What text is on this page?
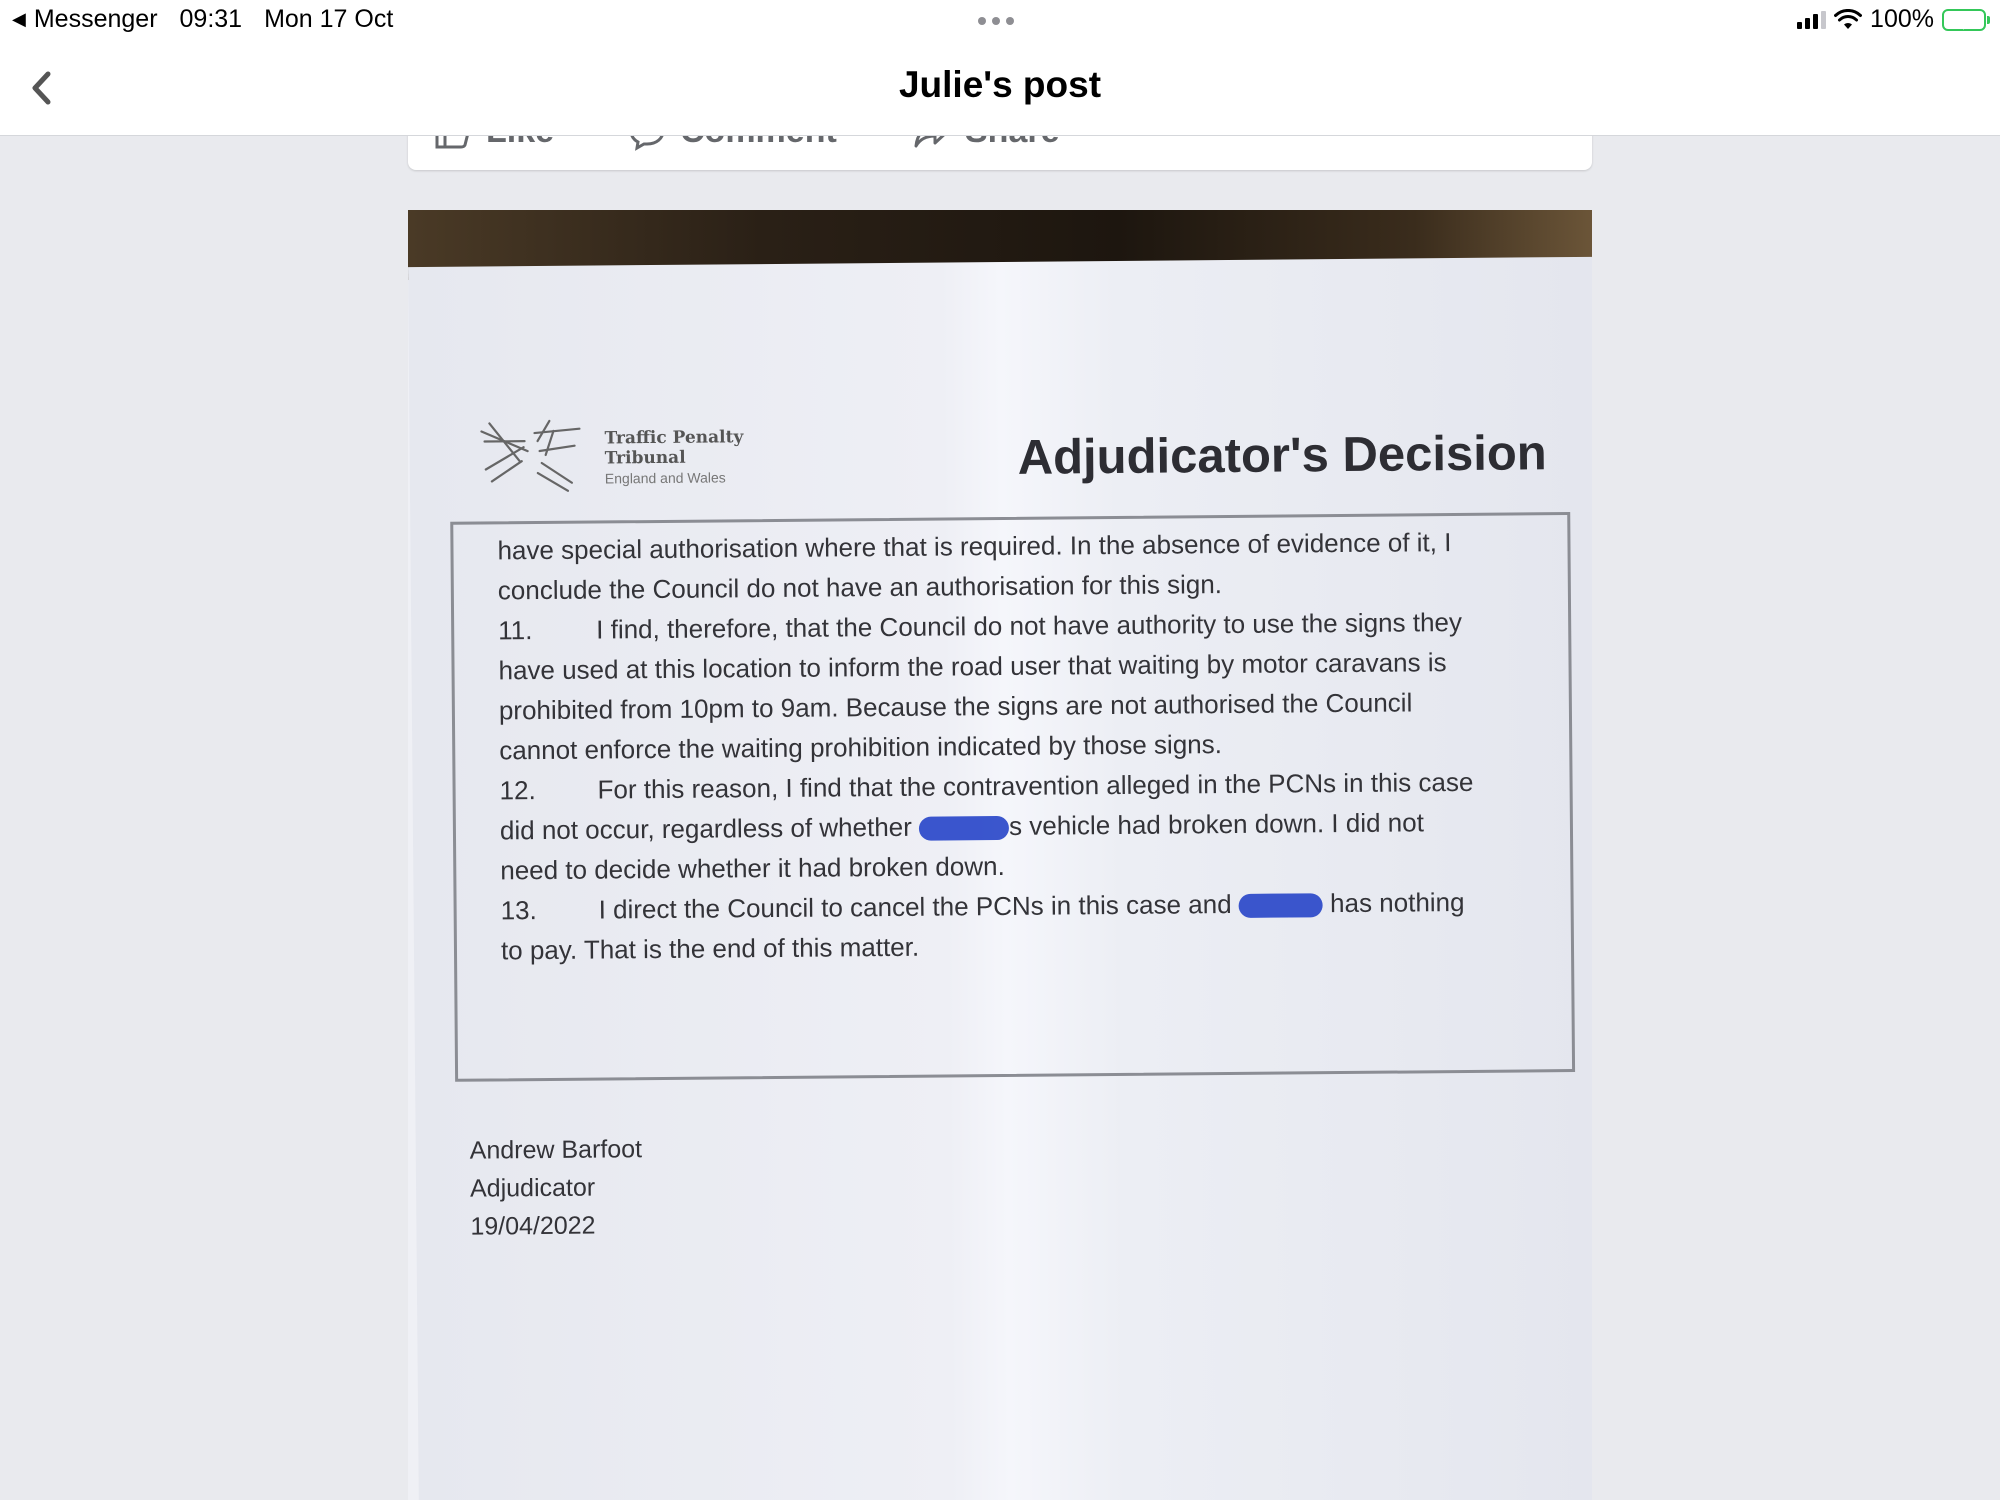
◀ Messenger 09:31 Mon 17 Oct	100%
Julie's post
Traffic Penalty
Tribunal
England and Wales	Adjudicator's Decision

have special authorisation where that is required. In the absence of evidence of it, I

conclude the Council do not have an authorisation for this sign.

11. I find, therefore, that the Council do not have authority to use the signs they

have used at this location to inform the road user that waiting by motor caravans is

prohibited from 10pm to 9am. Because the signs are not authorised the Council

cannot enforce the waiting prohibition indicated by those signs.

12. For this reason, I find that the contravention alleged in the PCNs in this case

did not occur, regardless of whether	s vehicle had broken down. I did not

need to decide whether it had broken down.

13. I direct the Council to cancel the PCNs in this case and	has nothing

to pay. That is the end of this matter.

Andrew Barfoot
Adjudicator
19/04/2022
